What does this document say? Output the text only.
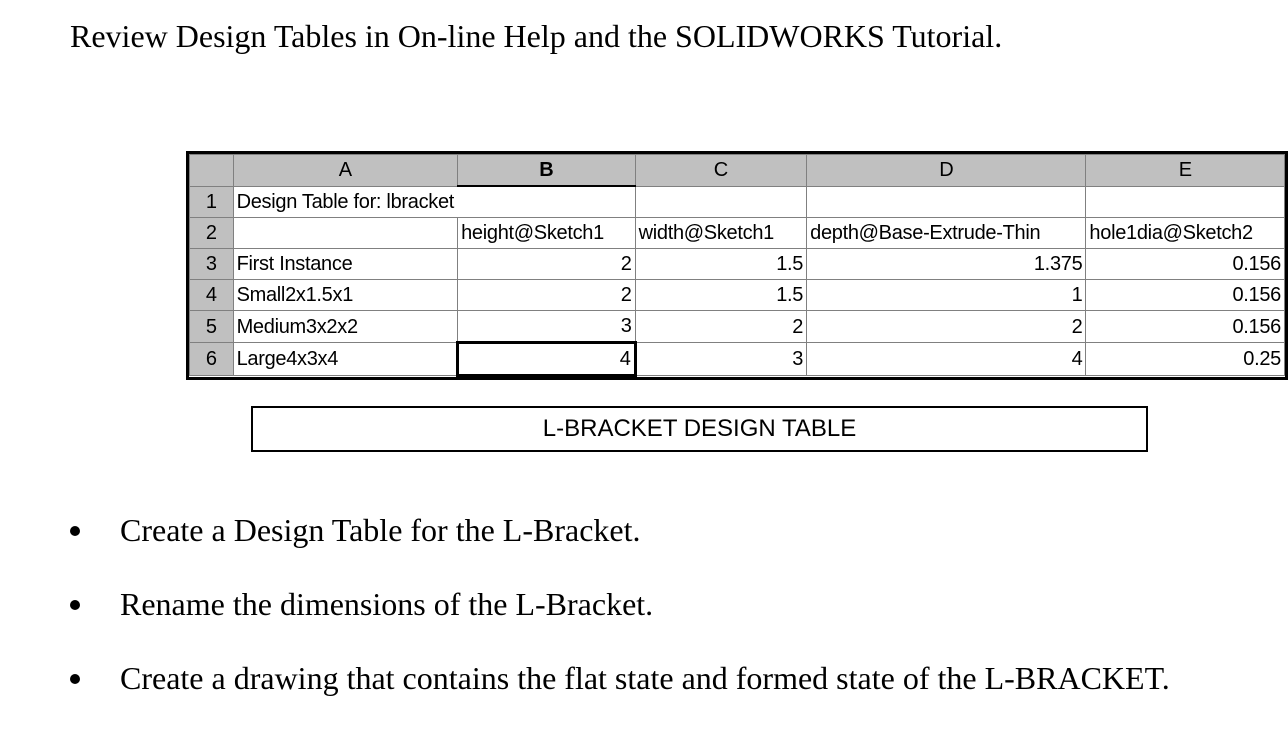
Review Design Tables in On-line Help and the SOLIDWORKS Tutorial.
	A	B	C	D	E
1	Design Table for: lbracket				
2		height@Sketch1	width@Sketch1	depth@Base-Extrude-Thin	hole1dia@Sketch2
3	First Instance	2	1.5	1.375	0.156
4	Small2x1.5x1	2	1.5	1	0.156
5	Medium3x2x2	3	2	2	0.156
6	Large4x3x4	4	3	4	0.25
L-BRACKET DESIGN TABLE
Create a Design Table for the L-Bracket.
Rename the dimensions of the L-Bracket.
Create a drawing that contains the flat state and formed state of the L-BRACKET.
